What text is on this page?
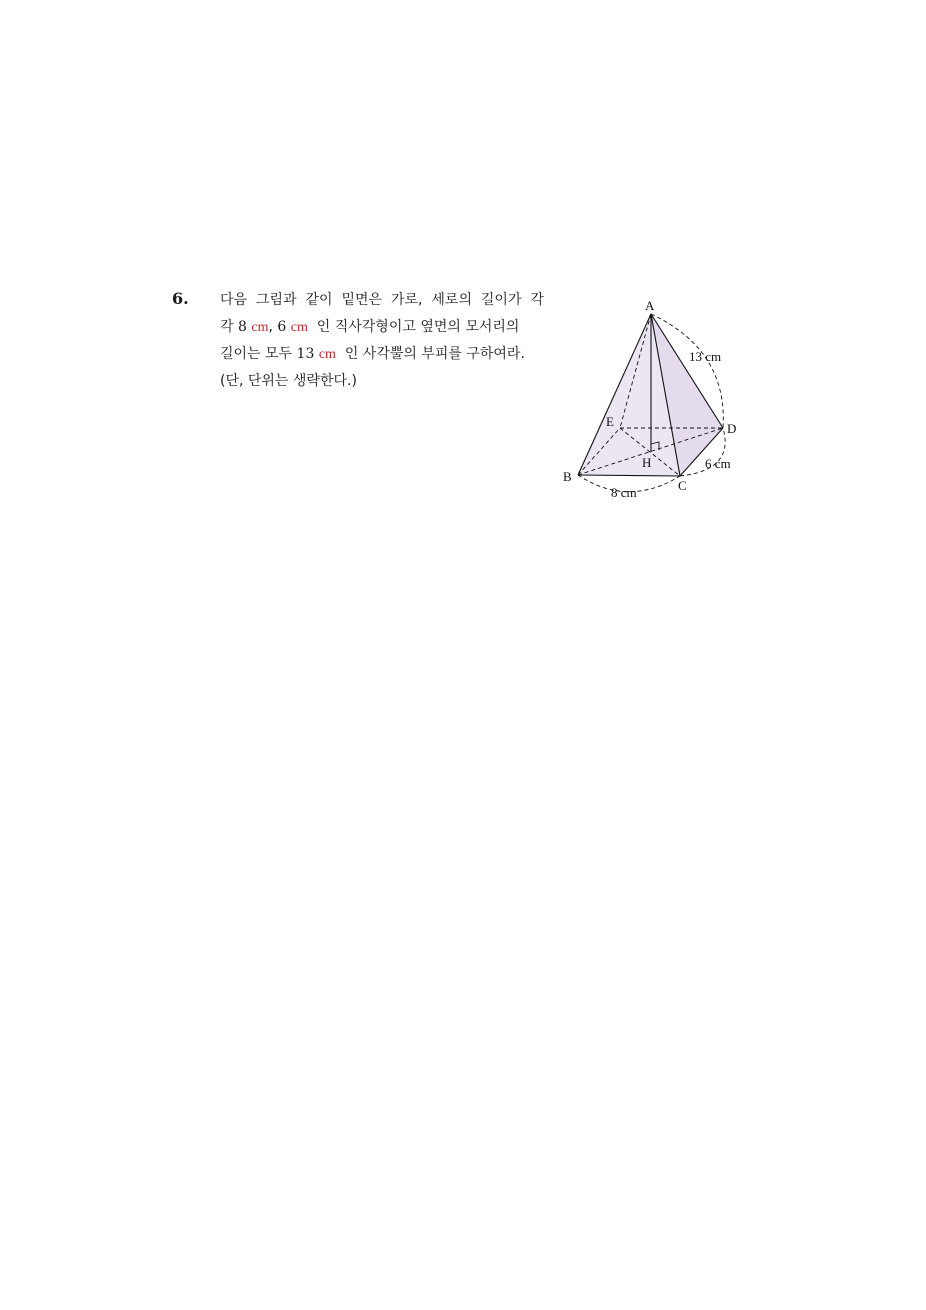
6. 다음 그림과 같이 밑면은 가로, 세로의 길이가 각
각 8 cm, 6 cm  인 직사각형이고 옆면의 모서리의
길이는 모두 13 cm  인 사각뿔의 부피를 구하여라.
(단, 단위는 생략한다.)
A
B
C
D
E
H
13 cm
8 cm
6 cm
